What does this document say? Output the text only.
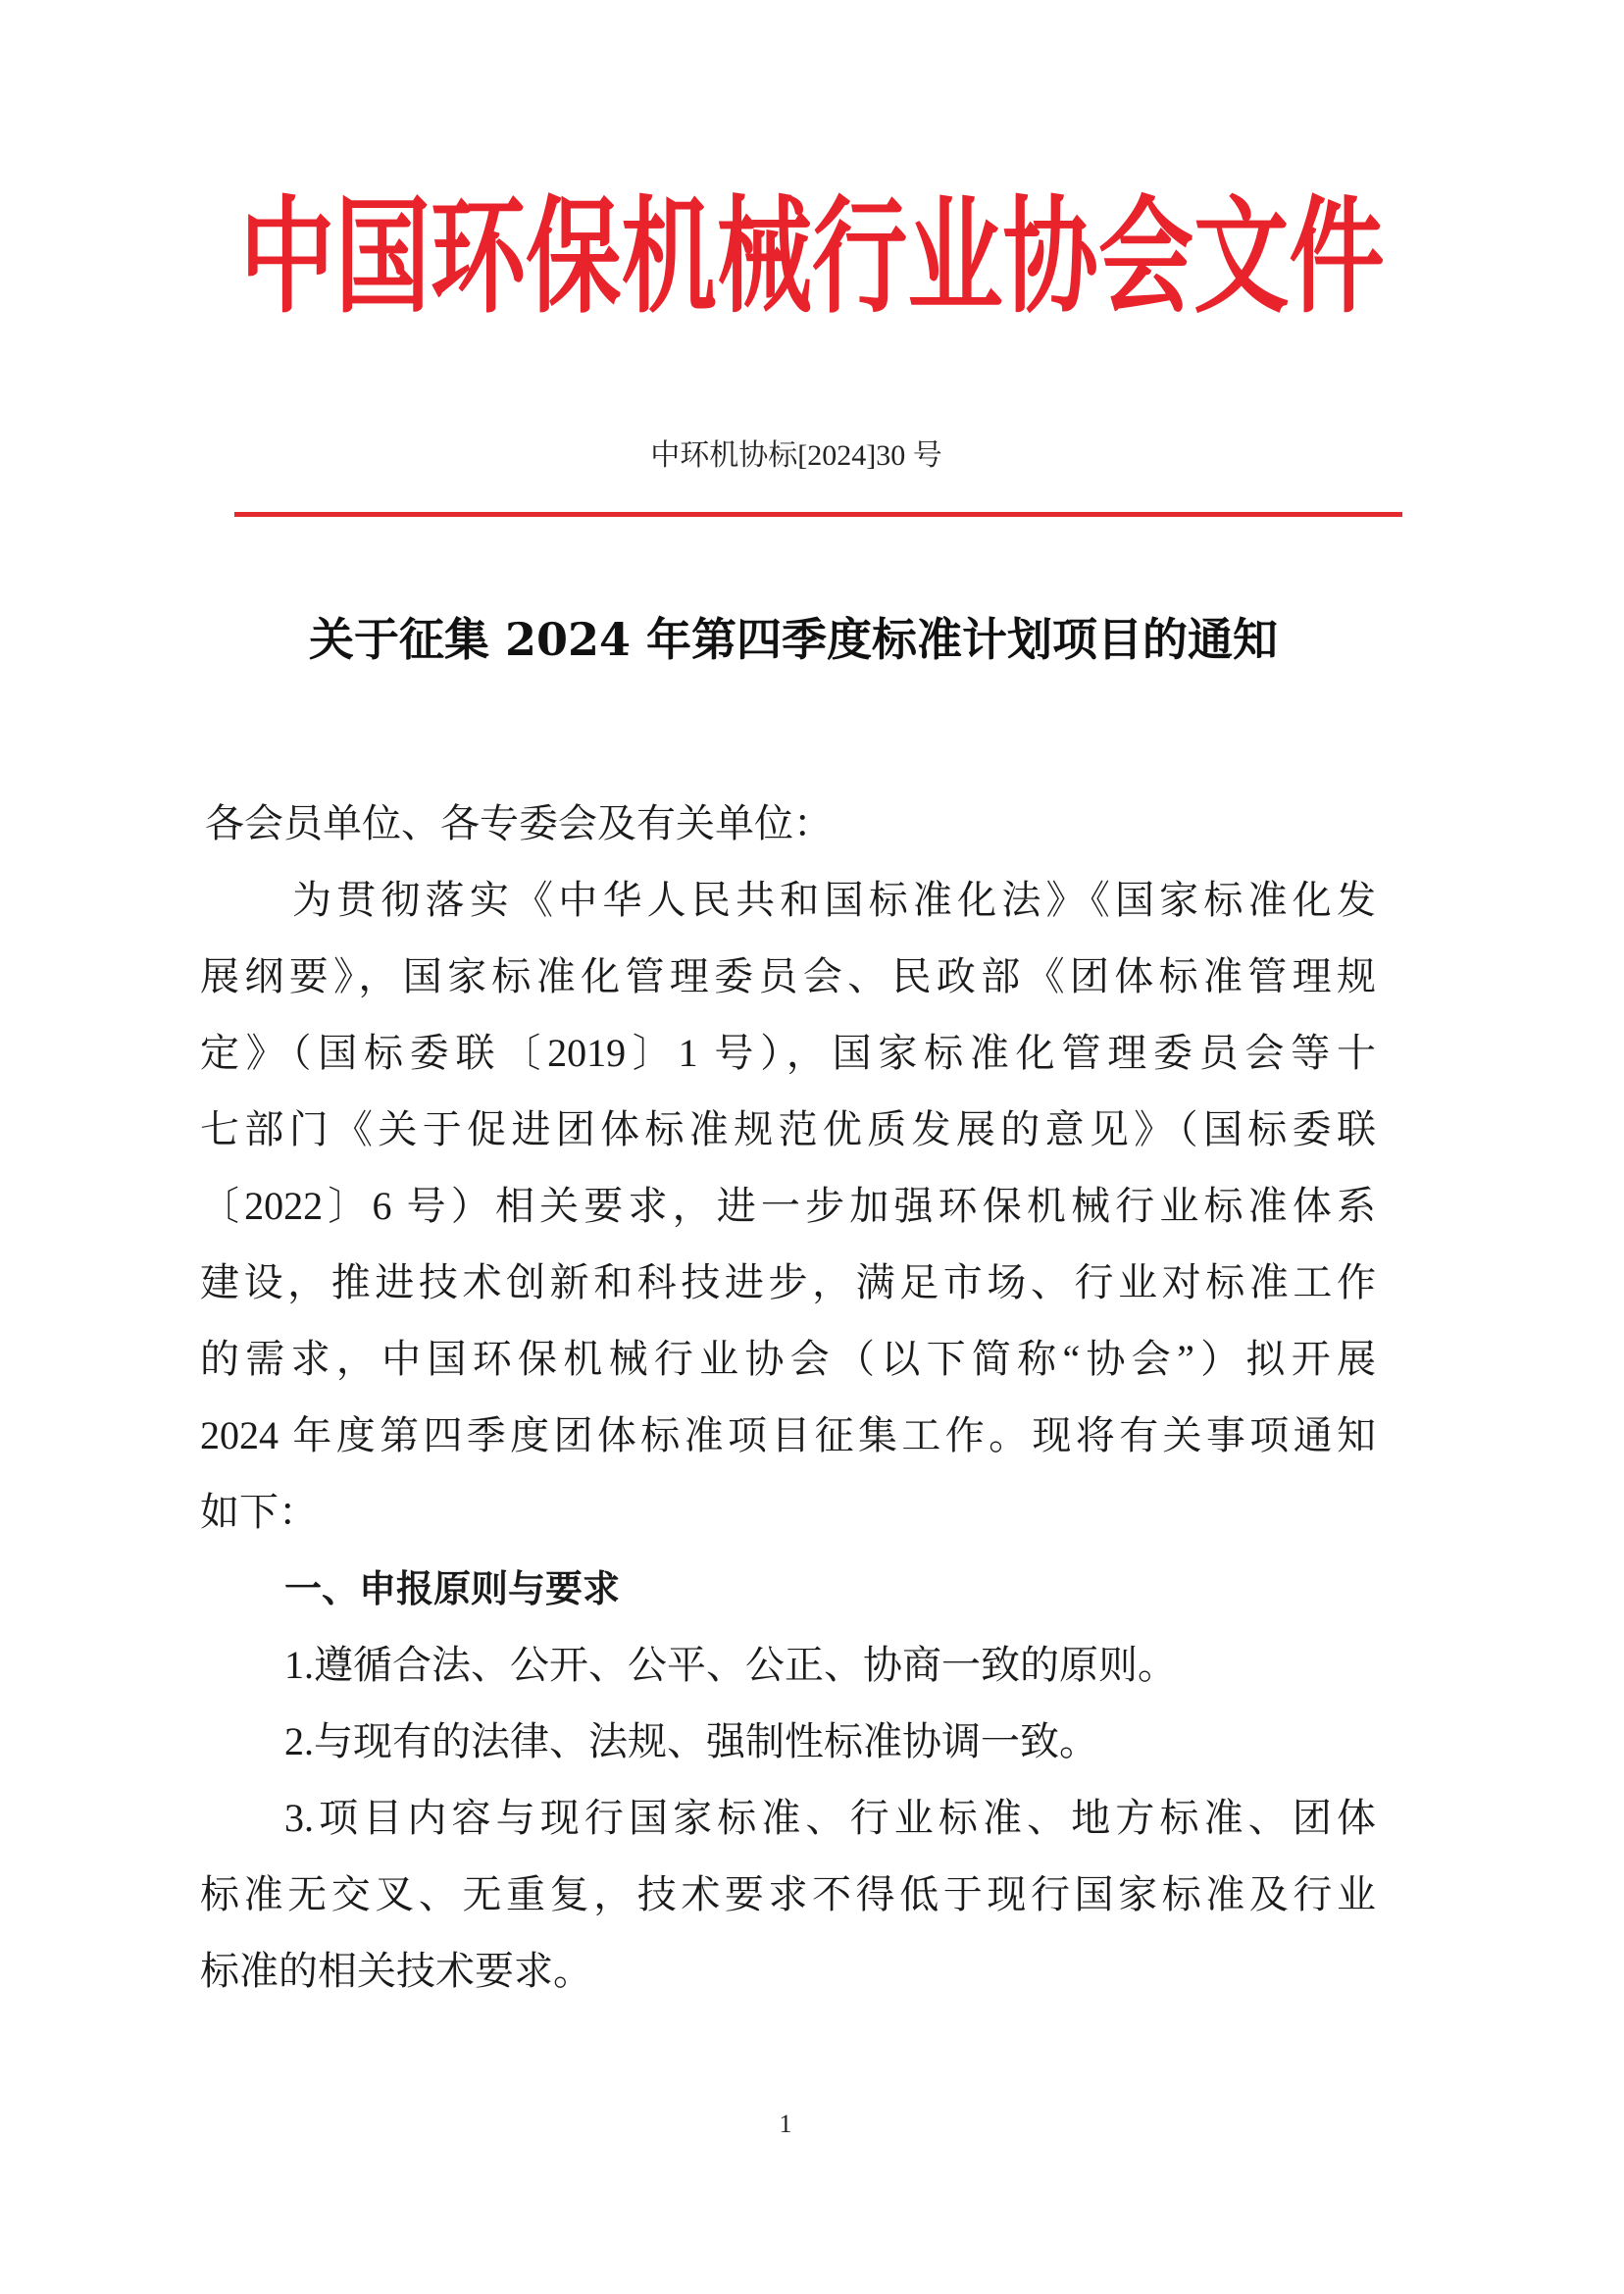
中国环保机械行业协会文件
中环机协标[2024]30 号
关于征集 2024 年第四季度标准计划项目的通知
各会员单位、各专委会及有关单位：
为贯彻落实《中华人民共和国标准化法》《国家标准化发
展纲要》，国家标准化管理委员会、民政部《团体标准管理规
定》（国标委联〔2019〕1 号），国家标准化管理委员会等十
七部门《关于促进团体标准规范优质发展的意见》（国标委联
〔2022〕6 号）相关要求，进一步加强环保机械行业标准体系
建设，推进技术创新和科技进步，满足市场、行业对标准工作
的需求，中国环保机械行业协会（以下简称“协会”）拟开展
2024 年度第四季度团体标准项目征集工作。现将有关事项通知
如下：
一、申报原则与要求
1.遵循合法、公开、公平、公正、协商一致的原则。
2.与现有的法律、法规、强制性标准协调一致。
3.项目内容与现行国家标准、行业标准、地方标准、团体
标准无交叉、无重复，技术要求不得低于现行国家标准及行业
标准的相关技术要求。
1
